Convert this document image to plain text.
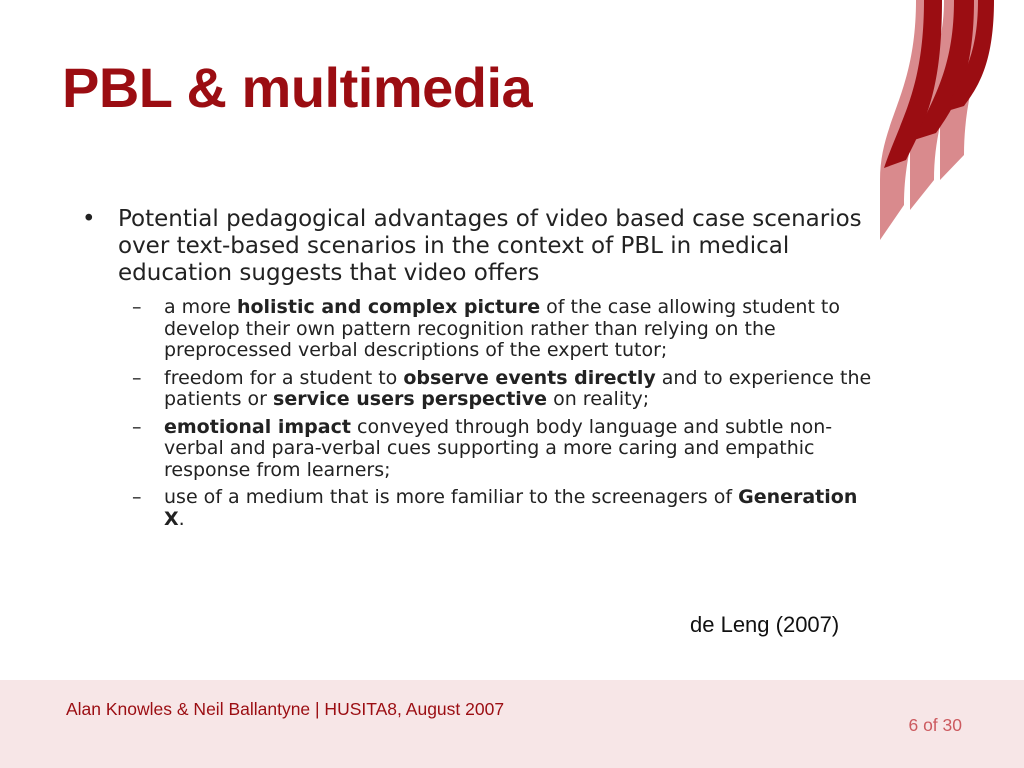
PBL & multimedia
• Potential pedagogical advantages of video based case scenarios over text-based scenarios in the context of PBL in medical education suggests that video offers
– a more holistic and complex picture of the case allowing student to develop their own pattern recognition rather than relying on the preprocessed verbal descriptions of the expert tutor;
– freedom for a student to observe events directly and to experience the patients or service users perspective on reality;
– emotional impact conveyed through body language and subtle non-verbal and para-verbal cues supporting a more caring and empathic response from learners;
– use of a medium that is more familiar to the screenagers of Generation X.
de Leng (2007)
Alan Knowles & Neil Ballantyne | HUSITA8, August 2007
6 of 30
